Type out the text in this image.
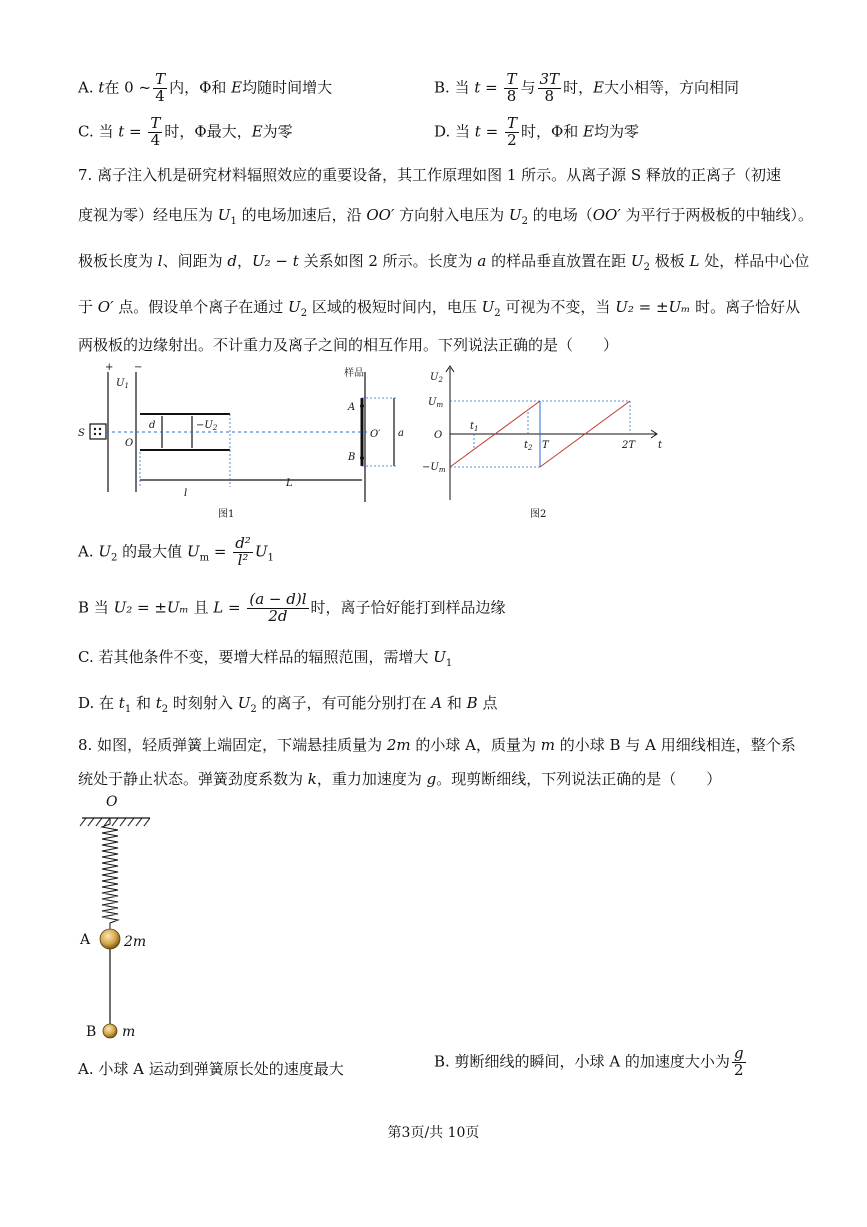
A. t在 0 ~ $\frac{T}{4}$ 内，Φ和 E均随时间增大	B. 当 $t = \frac{T}{8}$ 与 $\frac{3T}{8}$ 时，E大小相等，方向相同
C. 当 $t = \frac{T}{4}$ 时，Φ最大，E为零	D. 当 $t = \frac{T}{2}$ 时，Φ和 E均为零
7. 离子注入机是研究材料辐照效应的重要设备，其工作原理如图 1 所示。从离子源 S 释放的正离子（初速
度视为零）经电压为 $U_1$ 的电场加速后，沿 OO′ 方向射入电压为 $U_2$ 的电场（OO′ 为平行于两极板的中轴线）。
极板长度为 l、间距为 d，U₂ − t 关系如图 2 所示。长度为 a 的样品垂直放置在距 $U_2$ 极板 L 处，样品中心位
于 O′ 点。假设单个离子在通过 $U_2$ 区域的极短时间内，电压 $U_2$ 可视为不变，当 U₂ = ±Uₘ 时。离子恰好从
两极板的边缘射出。不计重力及离子之间的相互作用。下列说法正确的是（　　）
+ −
$U_1$
S
O
d	$-U_2$
样品
A
B
O′ a
l
L
图1
$U_2$
$U_m$
O
$-U_m$
$t_1$
$t_2$ T	2T t
图2
A. $U_2$ 的最大值 $U_m = \frac{\text{d²}}{\text{l²}} U_1$
B 当 U₂ = ±Uₘ 且 $L = \frac{(a - d)l}{2d}$ 时，离子恰好能打到样品边缘
C. 若其他条件不变，要增大样品的辐照范围，需增大 $U_1$
D. 在 $t_1$ 和 $t_2$ 时刻射入 $U_2$ 的离子，有可能分别打在 A 和 B 点
8. 如图，轻质弹簧上端固定，下端悬挂质量为 2m 的小球 A，质量为 m 的小球 B 与 A 用细线相连，整个系
统处于静止状态。弹簧劲度系数为 k，重力加速度为 g。现剪断细线，下列说法正确的是（　　）
O
A 2m
B m
A. 小球 A 运动到弹簧原长处的速度最大	B. 剪断细线的瞬间，小球 A 的加速度大小为 $\frac{g}{2}$
第3页/共 10页
